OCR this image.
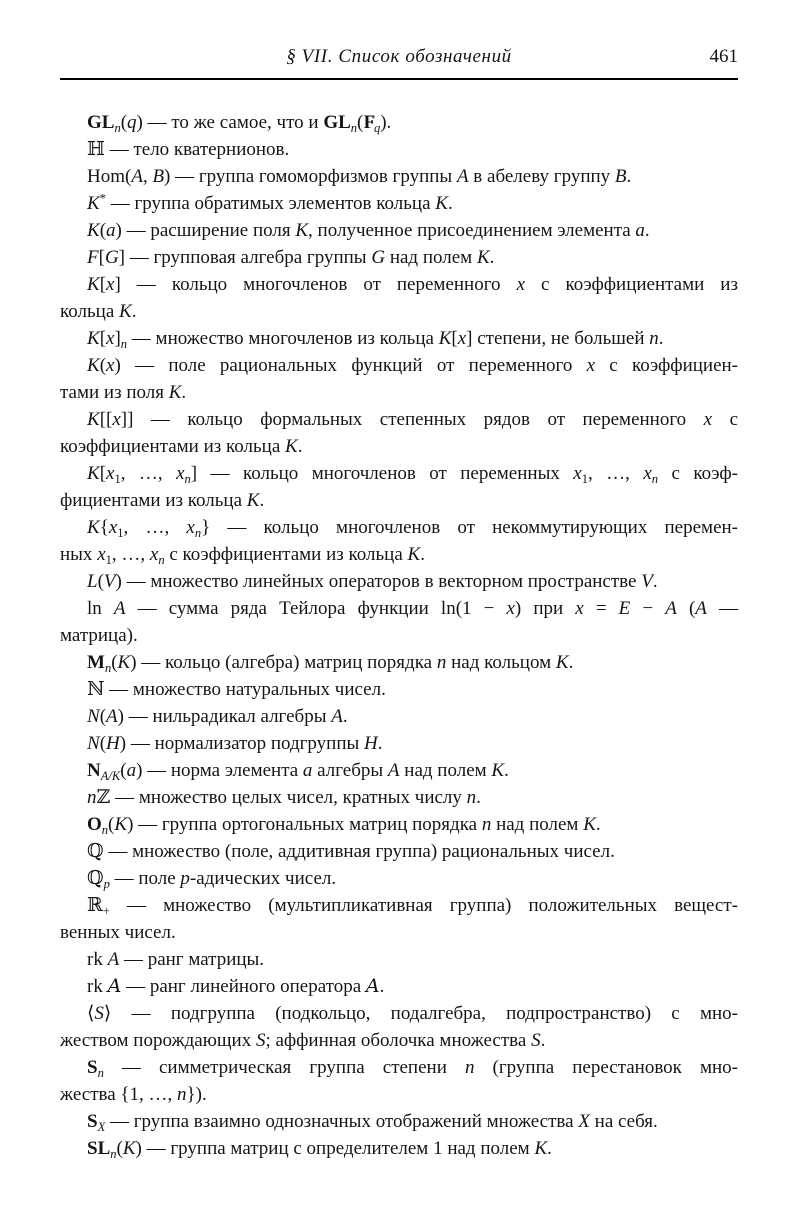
§ VII. Список обозначений	461
$GL_n(q)$ — то же самое, что и $GL_n(F_q)$.
ℍ — тело кватернионов.
Hom(A, B) — группа гомоморфизмов группы A в абелеву группу B.
K* — группа обратимых элементов кольца K.
K(a) — расширение поля K, полученное присоединением элемента a.
F[G] — групповая алгебра группы G над полем K.
K[x] — кольцо многочленов от переменного x с коэффициентами из
кольца K.
$K[x]_n$ — множество многочленов из кольца K[x] степени, не большей n.
K(x) — поле рациональных функций от переменного x с коэффициен-
тами из поля K.
K[[x]] — кольцо формальных степенных рядов от переменного x с
коэффициентами из кольца K.
$K[x_1$, …, $x_n$] — кольцо многочленов от переменных $x_1$, …, $x_n$ с коэф-
фициентами из кольца K.
$K\{x_1$, …, $x_n$} — кольцо многочленов от некоммутирующих перемен-
ных $x_1$, …, $x_n$ с коэффициентами из кольца K.
L(V) — множество линейных операторов в векторном пространстве V.
ln A — сумма ряда Тейлора функции ln(1 − x) при x = E − A (A —
матрица).
$M_n(K)$ — кольцо (алгебра) матриц порядка n над кольцом K.
ℕ — множество натуральных чисел.
N(A) — нильрадикал алгебры A.
N(H) — нормализатор подгруппы H.
$N_{A/K}(a)$ — норма элемента a алгебры A над полем K.
nℤ — множество целых чисел, кратных числу n.
$O_n(K)$ — группа ортогональных матриц порядка n над полем K.
ℚ — множество (поле, аддитивная группа) рациональных чисел.
ℚ$_p$ — поле p-адических чисел.
ℝ$_+$ — множество (мультипликативная группа) положительных вещест-
венных чисел.
rk A — ранг матрицы.
rk A — ранг линейного оператора A.
⟨S⟩ — подгруппа (подкольцо, подалгебра, подпространство) с мно-
жеством порождающих S; аффинная оболочка множества S.
$S_n$ — симметрическая группа степени n (группа перестановок мно-
жества {1, …, n}).
$S_X$ — группа взаимно однозначных отображений множества X на себя.
$SL_n(K)$ — группа матриц с определителем 1 над полем K.
